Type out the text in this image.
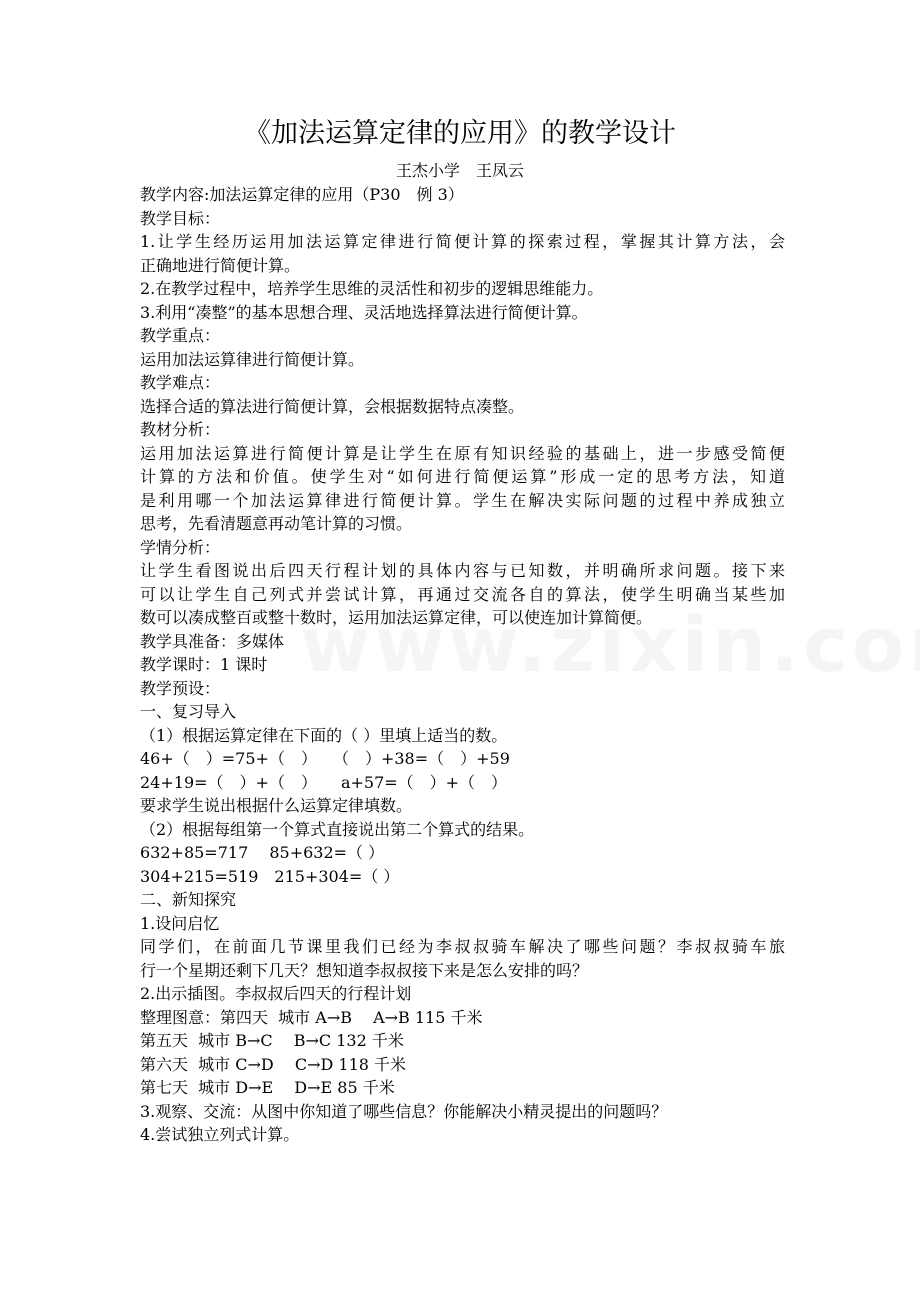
《加法运算定律的应用》的教学设计
王杰小学　王凤云
教学内容:加法运算定律的应用（P30　例 3）
教学目标：
1.让学生经历运用加法运算定律进行简便计算的探索过程，掌握其计算方法，会
正确地进行简便计算。
2.在教学过程中，培养学生思维的灵活性和初步的逻辑思维能力。
3.利用“凑整”的基本思想合理、灵活地选择算法进行简便计算。
教学重点：
运用加法运算律进行简便计算。
教学难点：
选择合适的算法进行简便计算，会根据数据特点凑整。
教材分析：
运用加法运算进行简便计算是让学生在原有知识经验的基础上，进一步感受简便
计算的方法和价值。使学生对“如何进行简便运算”形成一定的思考方法，知道
是利用哪一个加法运算律进行简便计算。学生在解决实际问题的过程中养成独立
思考，先看清题意再动笔计算的习惯。
学情分析：
让学生看图说出后四天行程计划的具体内容与已知数，并明确所求问题。接下来
可以让学生自己列式并尝试计算，再通过交流各自的算法，使学生明确当某些加
数可以凑成整百或整十数时，运用加法运算定律，可以使连加计算简便。
教学具准备：多媒体
教学课时：1 课时
教学预设：
一、复习导入
（1）根据运算定律在下面的（ ）里填上适当的数。
46+（　）=75+（　）　　（　）+38=（　）+59
24+19=（　）+（　）　　a+57=（　）+（　）
要求学生说出根据什么运算定律填数。
（2）根据每组第一个算式直接说出第二个算式的结果。
632+85=717　 85+632=（ ）
304+215=519　215+304=（ ）
二、新知探究
1.设问启忆
同学们，在前面几节课里我们已经为李叔叔骑车解决了哪些问题？李叔叔骑车旅
行一个星期还剩下几天？想知道李叔叔接下来是怎么安排的吗？
2.出示插图。李叔叔后四天的行程计划
整理图意：第四天  城市 A→B　 A→B 115 千米
第五天  城市 B→C　 B→C 132 千米
第六天  城市 C→D　 C→D 118 千米
第七天  城市 D→E　 D→E 85 千米
3.观察、交流：从图中你知道了哪些信息？你能解决小精灵提出的问题吗？
4.尝试独立列式计算。
